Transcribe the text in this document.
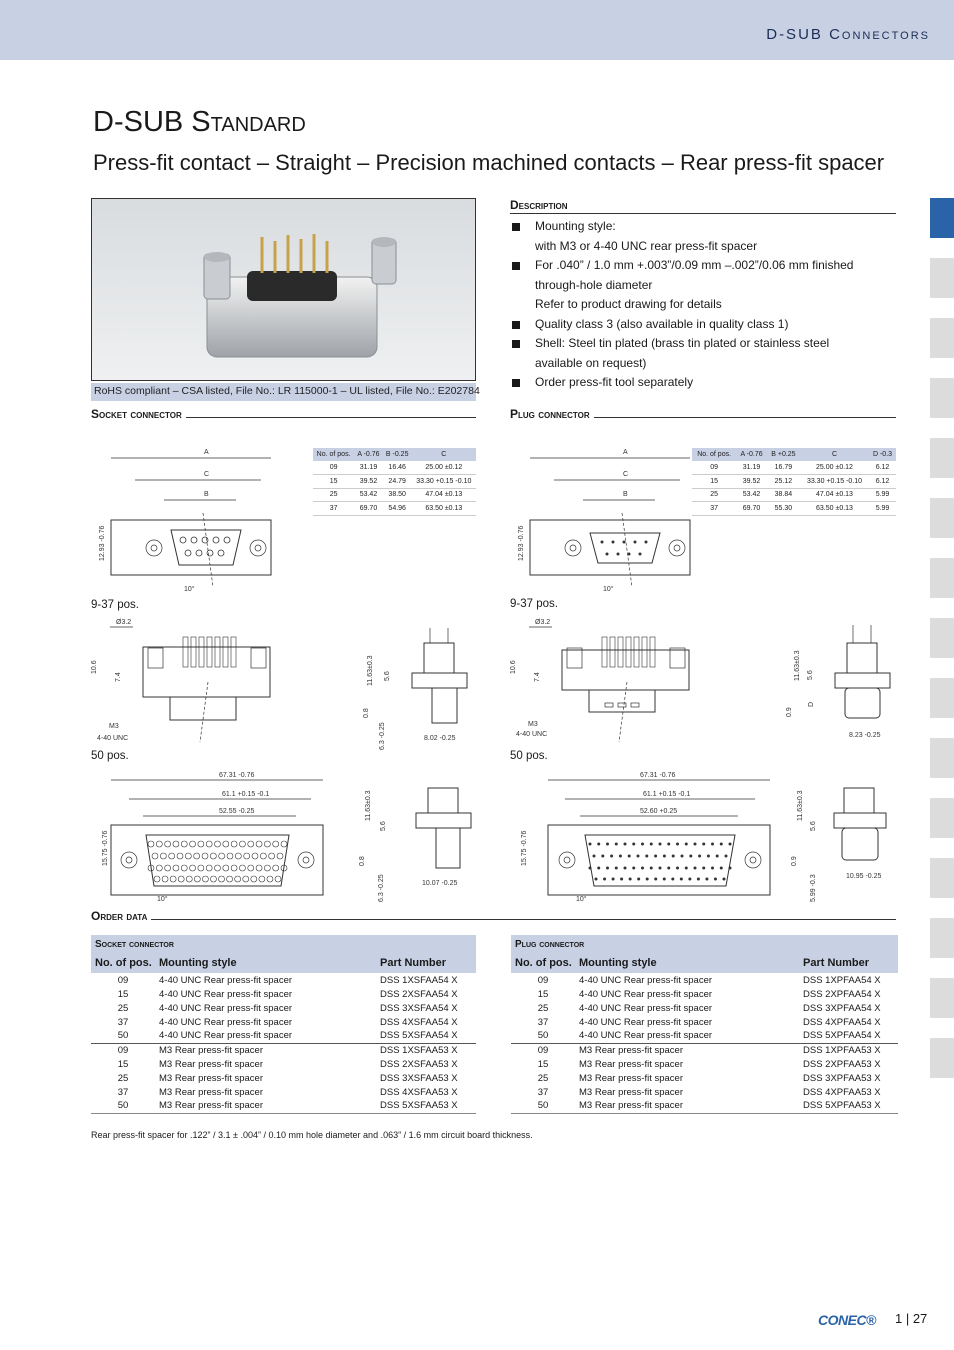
D-SUB Connectors
D-SUB Standard
Press-fit contact – Straight – Precision machined contacts – Rear press-fit spacer
RoHS compliant – CSA listed, File No.: LR 115000-1 – UL listed, File No.: E202784
Description
Mounting style:
with M3 or 4-40 UNC rear press-fit spacer
For .040” / 1.0 mm +.003”/0.09 mm –.002”/0.06 mm finished through-hole diameter
Refer to product drawing for details
Quality class 3 (also available in quality class 1)
Shell: Steel tin plated (brass tin plated or stainless steel
available on request)
Order press-fit tool separately
Socket connector	Plug connector
No. of pos.	A -0.76	B -0.25	C
09	31.19	16.46	25.00 ±0.12
15	39.52	24.79	33.30 +0.15 -0.10
25	53.42	38.50	47.04 ±0.13
37	69.70	54.96	63.50 ±0.13
No. of pos.	A -0.76	B +0.25	C	D -0.3
09	31.19	16.79	25.00 ±0.12	6.12
15	39.52	25.12	33.30 +0.15 -0.10	6.12
25	53.42	38.84	47.04 ±0.13	5.99
37	69.70	55.30	63.50 ±0.13	5.99
A
C
B
12.93 -0.76
10°
A
C
B
12.93 -0.76
10°
9-37 pos.	9-37 pos.
Ø3.2
10.6
7.4
M3
4-40 UNC
11.63±0.3 5.6
0.8
6.3 -0.25	8.02 -0.25
Ø3.2
10.6
7.4
M3
4-40 UNC
11.63±0.3 5.6
0.9
D
8.23 -0.25
50 pos.	50 pos.
67.31 -0.76
61.1 +0.15 -0.1
52.55 -0.25
15.75 -0.76
10°
11.63±0.3
5.6
0.8
6.3 -0.25	10.07 -0.25
67.31 -0.76
61.1 +0.15 -0.1
52.60 +0.25
15.75 -0.76
10°
11.63±0.3
5.6
0.9
5.99 -0.3	10.95 -0.25
Order data
Socket connector		
No. of pos.	Mounting style	Part Number
09	4-40 UNC Rear press-fit spacer	DSS 1XSFAA54 X
15	4-40 UNC Rear press-fit spacer	DSS 2XSFAA54 X
25	4-40 UNC Rear press-fit spacer	DSS 3XSFAA54 X
37	4-40 UNC Rear press-fit spacer	DSS 4XSFAA54 X
50	4-40 UNC Rear press-fit spacer	DSS 5XSFAA54 X
09	M3 Rear press-fit spacer	DSS 1XSFAA53 X
15	M3 Rear press-fit spacer	DSS 2XSFAA53 X
25	M3 Rear press-fit spacer	DSS 3XSFAA53 X
37	M3 Rear press-fit spacer	DSS 4XSFAA53 X
50	M3 Rear press-fit spacer	DSS 5XSFAA53 X
Plug connector		
No. of pos.	Mounting style	Part Number
09	4-40 UNC Rear press-fit spacer	DSS 1XPFAA54 X
15	4-40 UNC Rear press-fit spacer	DSS 2XPFAA54 X
25	4-40 UNC Rear press-fit spacer	DSS 3XPFAA54 X
37	4-40 UNC Rear press-fit spacer	DSS 4XPFAA54 X
50	4-40 UNC Rear press-fit spacer	DSS 5XPFAA54 X
09	M3 Rear press-fit spacer	DSS 1XPFAA53 X
15	M3 Rear press-fit spacer	DSS 2XPFAA53 X
25	M3 Rear press-fit spacer	DSS 3XPFAA53 X
37	M3 Rear press-fit spacer	DSS 4XPFAA53 X
50	M3 Rear press-fit spacer	DSS 5XPFAA53 X
Rear press-fit spacer for .122” / 3.1 ± .004” / 0.10 mm hole diameter and .063” / 1.6 mm circuit board thickness.
CONEC® 1 | 27
